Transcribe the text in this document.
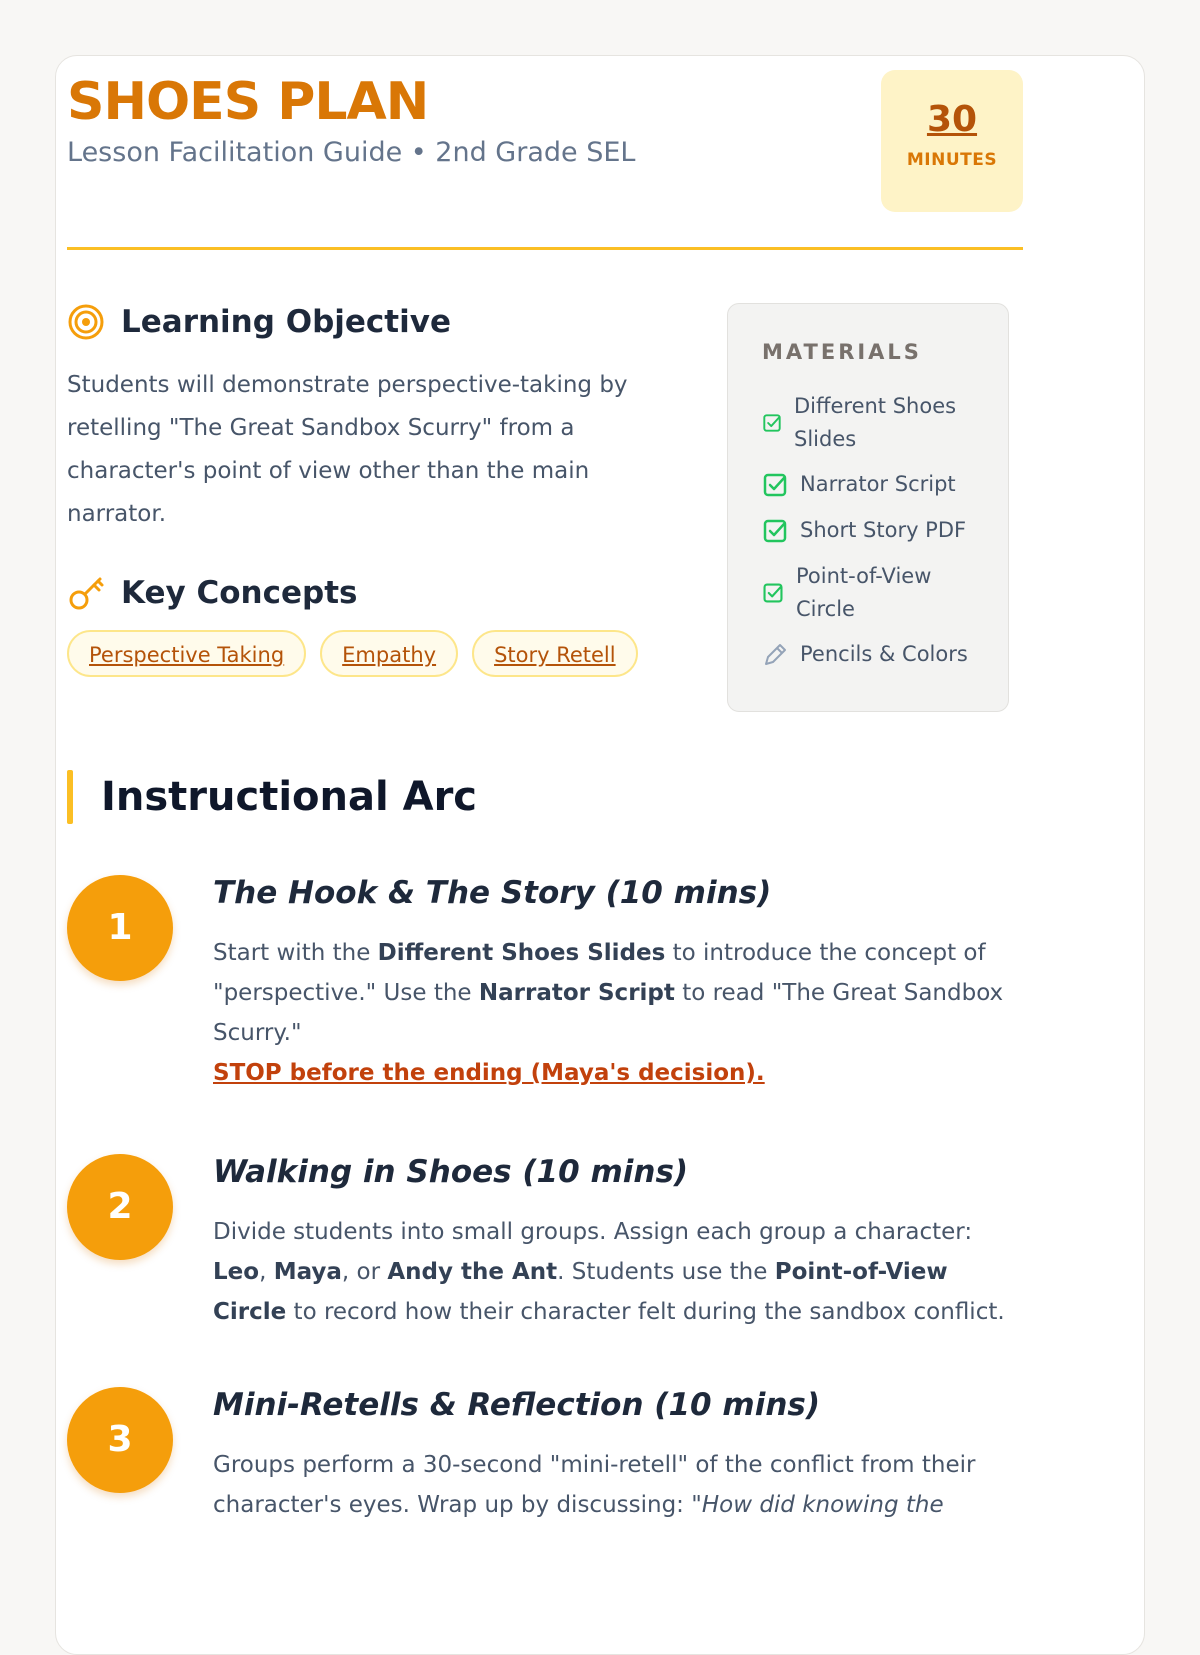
SHOES PLAN
Lesson Facilitation Guide • 2nd Grade SEL
30
MINUTES
Learning Objective
Students will demonstrate perspective-taking by retelling "The Great Sandbox Scurry" from a character's point of view other than the main narrator.
Key Concepts
Perspective Taking	Empathy	Story Retell
MATERIALS
Different Shoes Slides
Narrator Script
Short Story PDF
Point-of-View Circle
Pencils & Colors
Instructional Arc
1
The Hook & The Story (10 mins)
Start with the Different Shoes Slides to introduce the concept of "perspective." Use the Narrator Script to read "The Great Sandbox Scurry."
STOP before the ending (Maya's decision).
2
Walking in Shoes (10 mins)
Divide students into small groups. Assign each group a character: Leo, Maya, or Andy the Ant. Students use the Point-of-View Circle to record how their character felt during the sandbox conflict.
3
Mini-Retells & Reflection (10 mins)
Groups perform a 30-second "mini-retell" of the conflict from their character's eyes. Wrap up by discussing: "How did knowing the
